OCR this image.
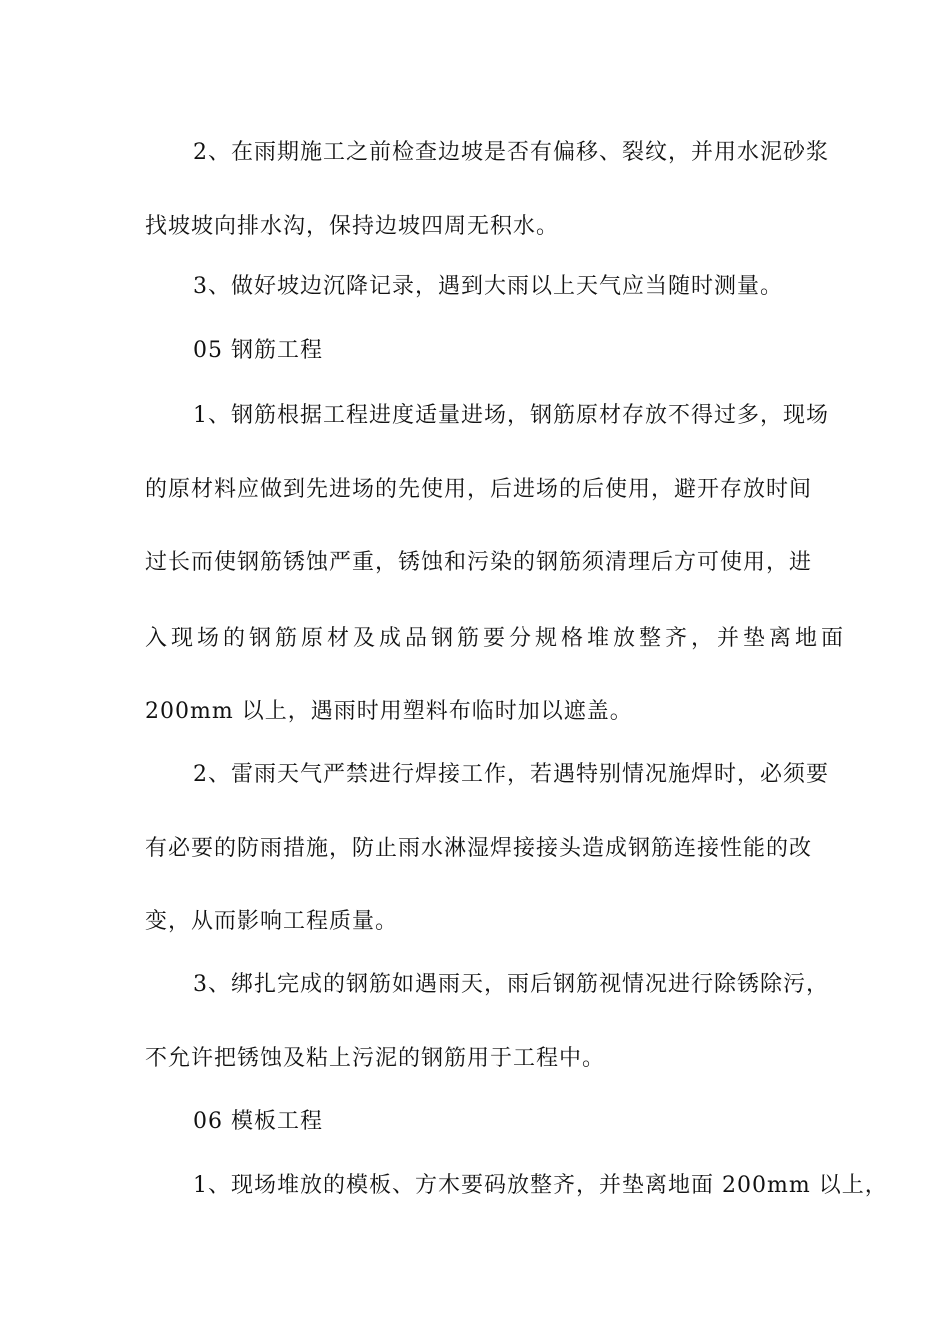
2、在雨期施工之前检查边坡是否有偏移、裂纹，并用水泥砂浆
找坡坡向排水沟，保持边坡四周无积水。
3、做好坡边沉降记录，遇到大雨以上天气应当随时测量。
05 钢筋工程
1、钢筋根据工程进度适量进场，钢筋原材存放不得过多，现场
的原材料应做到先进场的先使用，后进场的后使用，避开存放时间
过长而使钢筋锈蚀严重，锈蚀和污染的钢筋须清理后方可使用，进
入现场的钢筋原材及成品钢筋要分规格堆放整齐，并垫离地面
200mm 以上，遇雨时用塑料布临时加以遮盖。
2、雷雨天气严禁进行焊接工作，若遇特别情况施焊时，必须要
有必要的防雨措施，防止雨水淋湿焊接接头造成钢筋连接性能的改
变，从而影响工程质量。
3、绑扎完成的钢筋如遇雨天，雨后钢筋视情况进行除锈除污，
不允许把锈蚀及粘上污泥的钢筋用于工程中。
06 模板工程
1、现场堆放的模板、方木要码放整齐，并垫离地面 200mm 以上，
